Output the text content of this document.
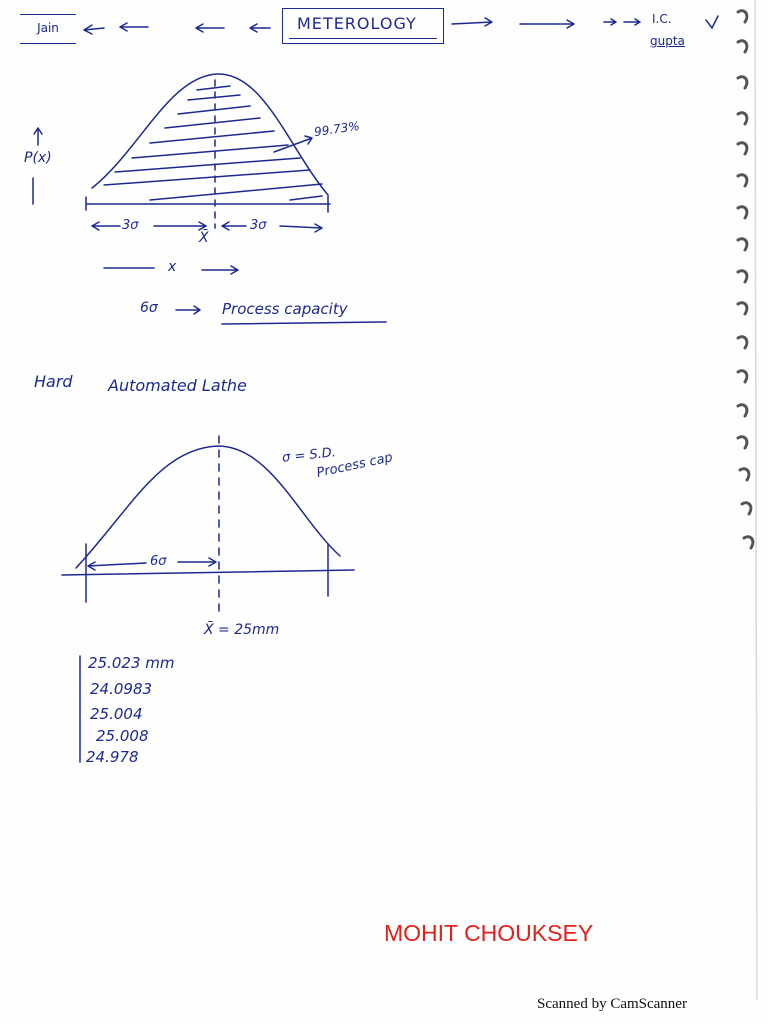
Jain	METEROLOGY	I.C.
gupta
P(x)
99.73%
3σ	3σ
X̄
x
6σ	Process capacity
Hard Automated Lathe
σ = S.D.
Process cap
6σ
X̄ = 25mm
25.023 mm
24.0983
25.004
25.008
24.978
MOHIT CHOUKSEY
Scanned by CamScanner
